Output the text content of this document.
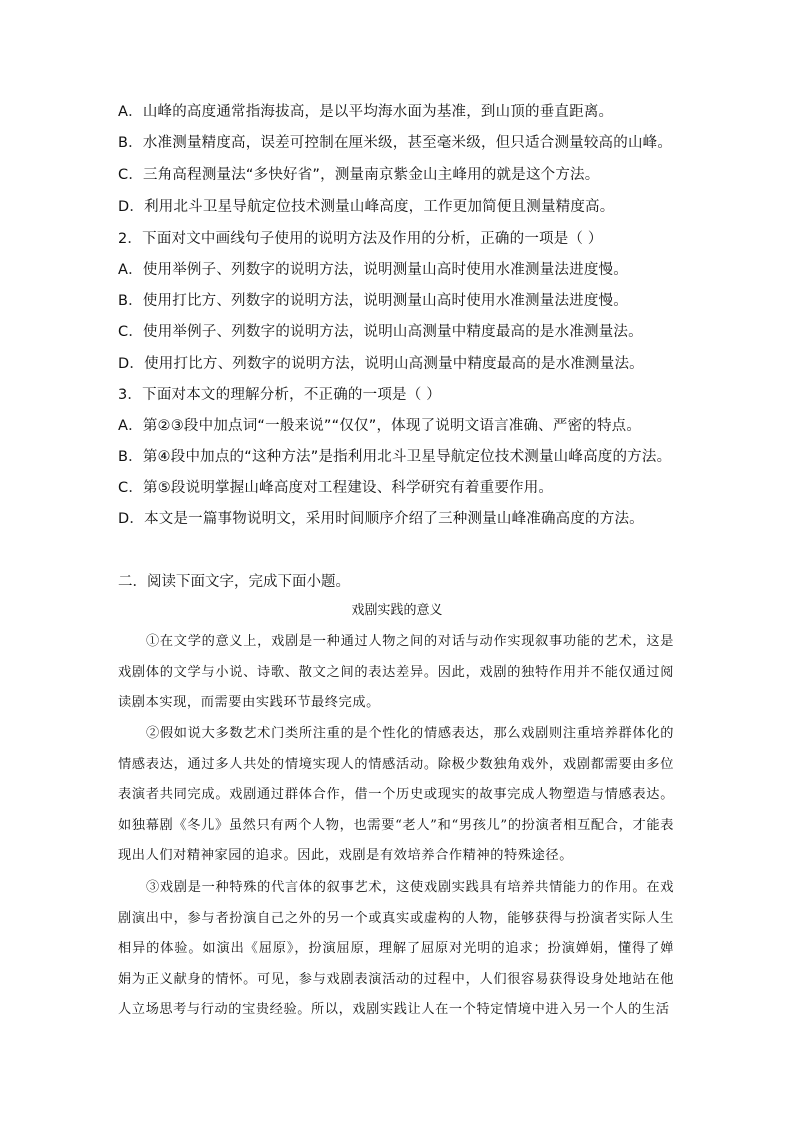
A．山峰的高度通常指海拔高，是以平均海水面为基准，到山顶的垂直距离。
B．水准测量精度高，误差可控制在厘米级，甚至毫米级，但只适合测量较高的山峰。
C．三角高程测量法“多快好省”，测量南京紫金山主峰用的就是这个方法。
D．利用北斗卫星导航定位技术测量山峰高度，工作更加简便且测量精度高。
2．下面对文中画线句子使用的说明方法及作用的分析，正确的一项是（ ）
A．使用举例子、列数字的说明方法，说明测量山高时使用水准测量法进度慢。
B．使用打比方、列数字的说明方法，说明测量山高时使用水准测量法进度慢。
C．使用举例子、列数字的说明方法，说明山高测量中精度最高的是水准测量法。
D．使用打比方、列数字的说明方法，说明山高测量中精度最高的是水准测量法。
3．下面对本文的理解分析，不正确的一项是（ ）
A．第②③段中加点词“一般来说”“仅仅”，体现了说明文语言准确、严密的特点。
B．第④段中加点的“这种方法”是指利用北斗卫星导航定位技术测量山峰高度的方法。
C．第⑤段说明掌握山峰高度对工程建设、科学研究有着重要作用。
D．本文是一篇事物说明文，采用时间顺序介绍了三种测量山峰准确高度的方法。
二．阅读下面文字，完成下面小题。
戏剧实践的意义

①在文学的意义上，戏剧是一种通过人物之间的对话与动作实现叙事功能的艺术，这是戏剧体的文学与小说、诗歌、散文之间的表达差异。因此，戏剧的独特作用并不能仅通过阅读剧本实现，而需要由实践环节最终完成。

②假如说大多数艺术门类所注重的是个性化的情感表达，那么戏剧则注重培养群体化的情感表达，通过多人共处的情境实现人的情感活动。除极少数独角戏外，戏剧都需要由多位表演者共同完成。戏剧通过群体合作，借一个历史或现实的故事完成人物塑造与情感表达。如独幕剧《冬儿》虽然只有两个人物，也需要“老人”和“男孩儿”的扮演者相互配合，才能表现出人们对精神家园的追求。因此，戏剧是有效培养合作精神的特殊途径。

③戏剧是一种特殊的代言体的叙事艺术，这使戏剧实践具有培养共情能力的作用。在戏剧演出中，参与者扮演自己之外的另一个或真实或虚构的人物，能够获得与扮演者实际人生相异的体验。如演出《屈原》，扮演屈原，理解了屈原对光明的追求；扮演婵娟，懂得了婵娟为正义献身的情怀。可见，参与戏剧表演活动的过程中，人们很容易获得设身处地站在他人立场思考与行动的宝贵经验。所以，戏剧实践让人在一个特定情境中进入另一个人的生活
